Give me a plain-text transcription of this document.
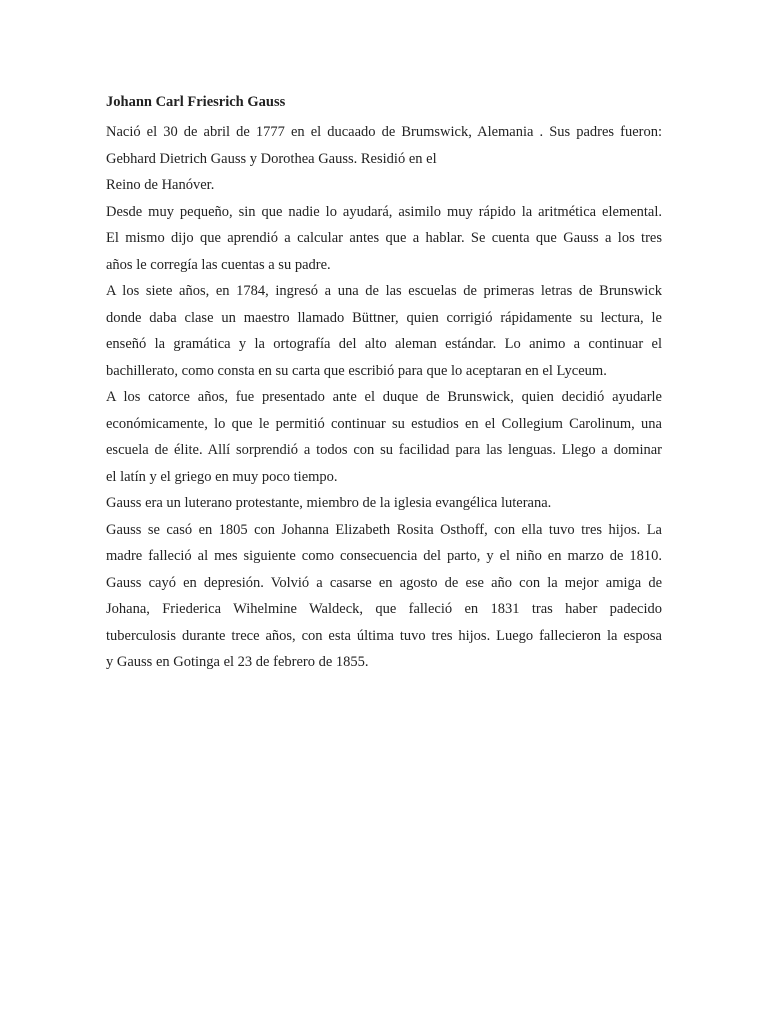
Johann Carl Friesrich Gauss
Nació el 30 de abril de 1777 en el ducaado de Brumswick, Alemania . Sus padres fueron:
Gebhard Dietrich Gauss y Dorothea Gauss. Residió en el
Reino de Hanóver.
Desde muy pequeño, sin que nadie lo ayudará, asimilo muy rápido la aritmética elemental.
El mismo dijo que aprendió a calcular antes que a hablar. Se cuenta que Gauss a los tres
años le corregía las cuentas a su padre.
A los siete años, en 1784, ingresó a una de las escuelas de primeras letras de Brunswick
donde daba clase un maestro llamado Büttner, quien corrigió rápidamente su lectura, le
enseñó la gramática y la ortografía del alto aleman estándar. Lo animo a continuar el
bachillerato, como consta en su carta que escribió para que lo aceptaran en el Lyceum.
A los catorce años, fue presentado ante el duque de Brunswick, quien decidió ayudarle
económicamente, lo que le permitió continuar su estudios en el Collegium Carolinum, una
escuela de élite. Allí sorprendió a todos con su facilidad para las lenguas. Llego a dominar
el latín y el griego en muy poco tiempo.
Gauss era un luterano protestante, miembro de la iglesia evangélica luterana.
Gauss se casó en 1805 con Johanna Elizabeth Rosita Osthoff, con ella tuvo tres hijos. La
madre falleció al mes siguiente como consecuencia del parto, y el niño en marzo de 1810.
Gauss cayó en depresión. Volvió a casarse en agosto de ese año con la mejor amiga de
Johana, Friederica Wihelmine Waldeck, que falleció en 1831 tras haber padecido
tuberculosis durante trece años, con esta última tuvo tres hijos. Luego fallecieron la esposa
y Gauss en Gotinga el 23 de febrero de 1855.
